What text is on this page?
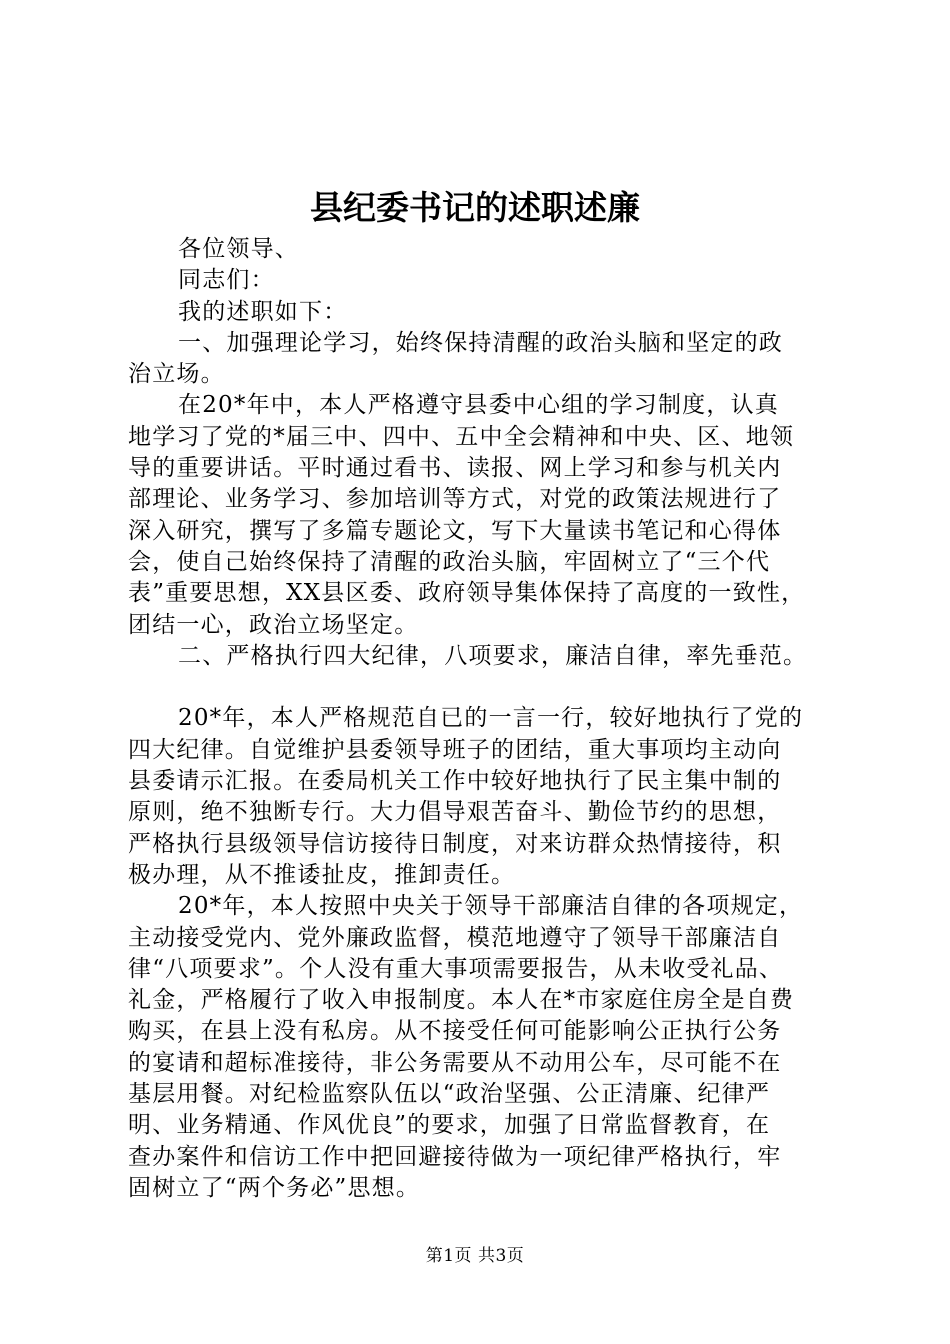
县纪委书记的述职述廉
各位领导、
同志们：
我的述职如下：
一、加强理论学习，始终保持清醒的政治头脑和坚定的政
治立场。
在20*年中，本人严格遵守县委中心组的学习制度，认真
地学习了党的*届三中、四中、五中全会精神和中央、区、地领
导的重要讲话。平时通过看书、读报、网上学习和参与机关内
部理论、业务学习、参加培训等方式，对党的政策法规进行了
深入研究，撰写了多篇专题论文，写下大量读书笔记和心得体
会，使自己始终保持了清醒的政治头脑，牢固树立了“三个代
表”重要思想，XX县区委、政府领导集体保持了高度的一致性，
团结一心，政治立场坚定。
二、严格执行四大纪律，八项要求，廉洁自律，率先垂范。
20*年，本人严格规范自已的一言一行，较好地执行了党的
四大纪律。自觉维护县委领导班子的团结，重大事项均主动向
县委请示汇报。在委局机关工作中较好地执行了民主集中制的
原则，绝不独断专行。大力倡导艰苦奋斗、勤俭节约的思想，
严格执行县级领导信访接待日制度，对来访群众热情接待，积
极办理，从不推诿扯皮，推卸责任。
20*年，本人按照中央关于领导干部廉洁自律的各项规定，
主动接受党内、党外廉政监督，模范地遵守了领导干部廉洁自
律“八项要求”。个人没有重大事项需要报告，从未收受礼品、
礼金，严格履行了收入申报制度。本人在*市家庭住房全是自费
购买，在县上没有私房。从不接受任何可能影响公正执行公务
的宴请和超标准接待，非公务需要从不动用公车，尽可能不在
基层用餐。对纪检监察队伍以“政治坚强、公正清廉、纪律严
明、业务精通、作风优良”的要求，加强了日常监督教育，在
查办案件和信访工作中把回避接待做为一项纪律严格执行，牢
固树立了“两个务必”思想。
第1页 共3页
